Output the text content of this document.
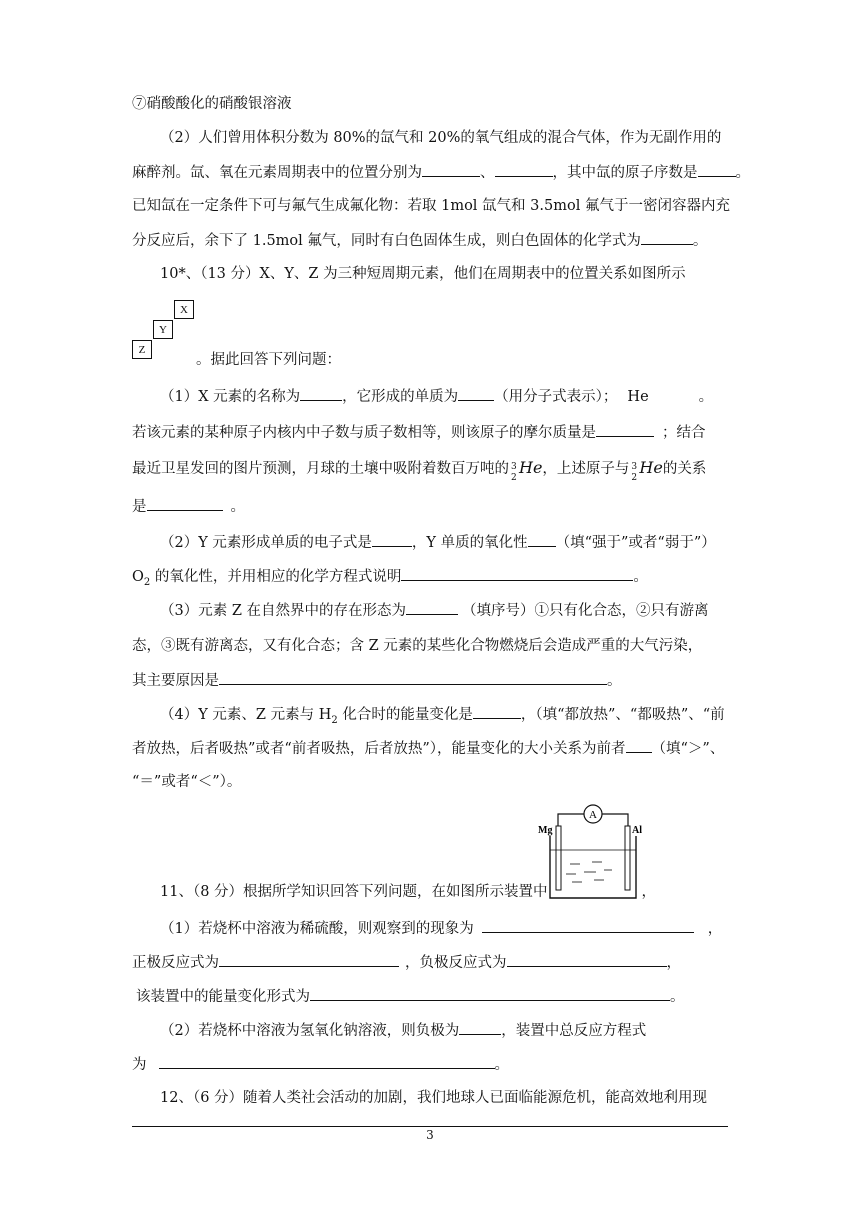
⑦硝酸酸化的硝酸银溶液
（2）人们曾用体积分数为 80%的氙气和 20%的氧气组成的混合气体，作为无副作用的
麻醉剂。氙、氧在元素周期表中的位置分别为	、	，其中氙的原子序数是	。
已知氙在一定条件下可与氟气生成氟化物：若取 1mol 氙气和 3.5mol 氟气于一密闭容器内充
分反应后，余下了 1.5mol 氟气，同时有白色固体生成，则白色固体的化学式为	。
10*、（13 分）X、Y、Z 为三种短周期元素，他们在周期表中的位置关系如图所示
X
Y
Z
。据此回答下列问题：
（1）X 元素的名称为	，它形成的单质为 （用分子式表示）； He	。
若该元素的某种原子内核内中子数与质子数相等，则该原子的摩尔质量是	；结合
最近卫星发回的图片预测，月球的土壤中吸附着数百万吨的 3
2
He，上述原子与 3
2
He的关系
是	。
（2）Y 元素形成单质的电子式是	，Y 单质的氧化性 （填“强于”或者“弱于”）
$O_2$ 的氧化性，并用相应的化学方程式说明	。
（3）元素 Z 在自然界中的存在形态为	（填序号）①只有化合态，②只有游离
态，③既有游离态，又有化合态；含 Z 元素的某些化合物燃烧后会造成严重的大气污染，
其主要原因是	。
（4）Y 元素、Z 元素与 $H_2$ 化合时的能量变化是	，（填“都放热”、“都吸热”、“前
者放热，后者吸热”或者“前者吸热，后者放热”），能量变化的大小关系为前者 （填“＞”、
“＝”或者“＜”）。
A
Mg	Al
11、（8 分）根据所学知识回答下列问题，在如图所示装置中	，
（1）若烧杯中溶液为稀硫酸，则观察到的现象为	，
正极反应式为	，负极反应式为	，
该装置中的能量变化形式为	。
（2）若烧杯中溶液为氢氧化钠溶液，则负极为	，装置中总反应方程式
为	。
12、（6 分）随着人类社会活动的加剧，我们地球人已面临能源危机，能高效地利用现
3
